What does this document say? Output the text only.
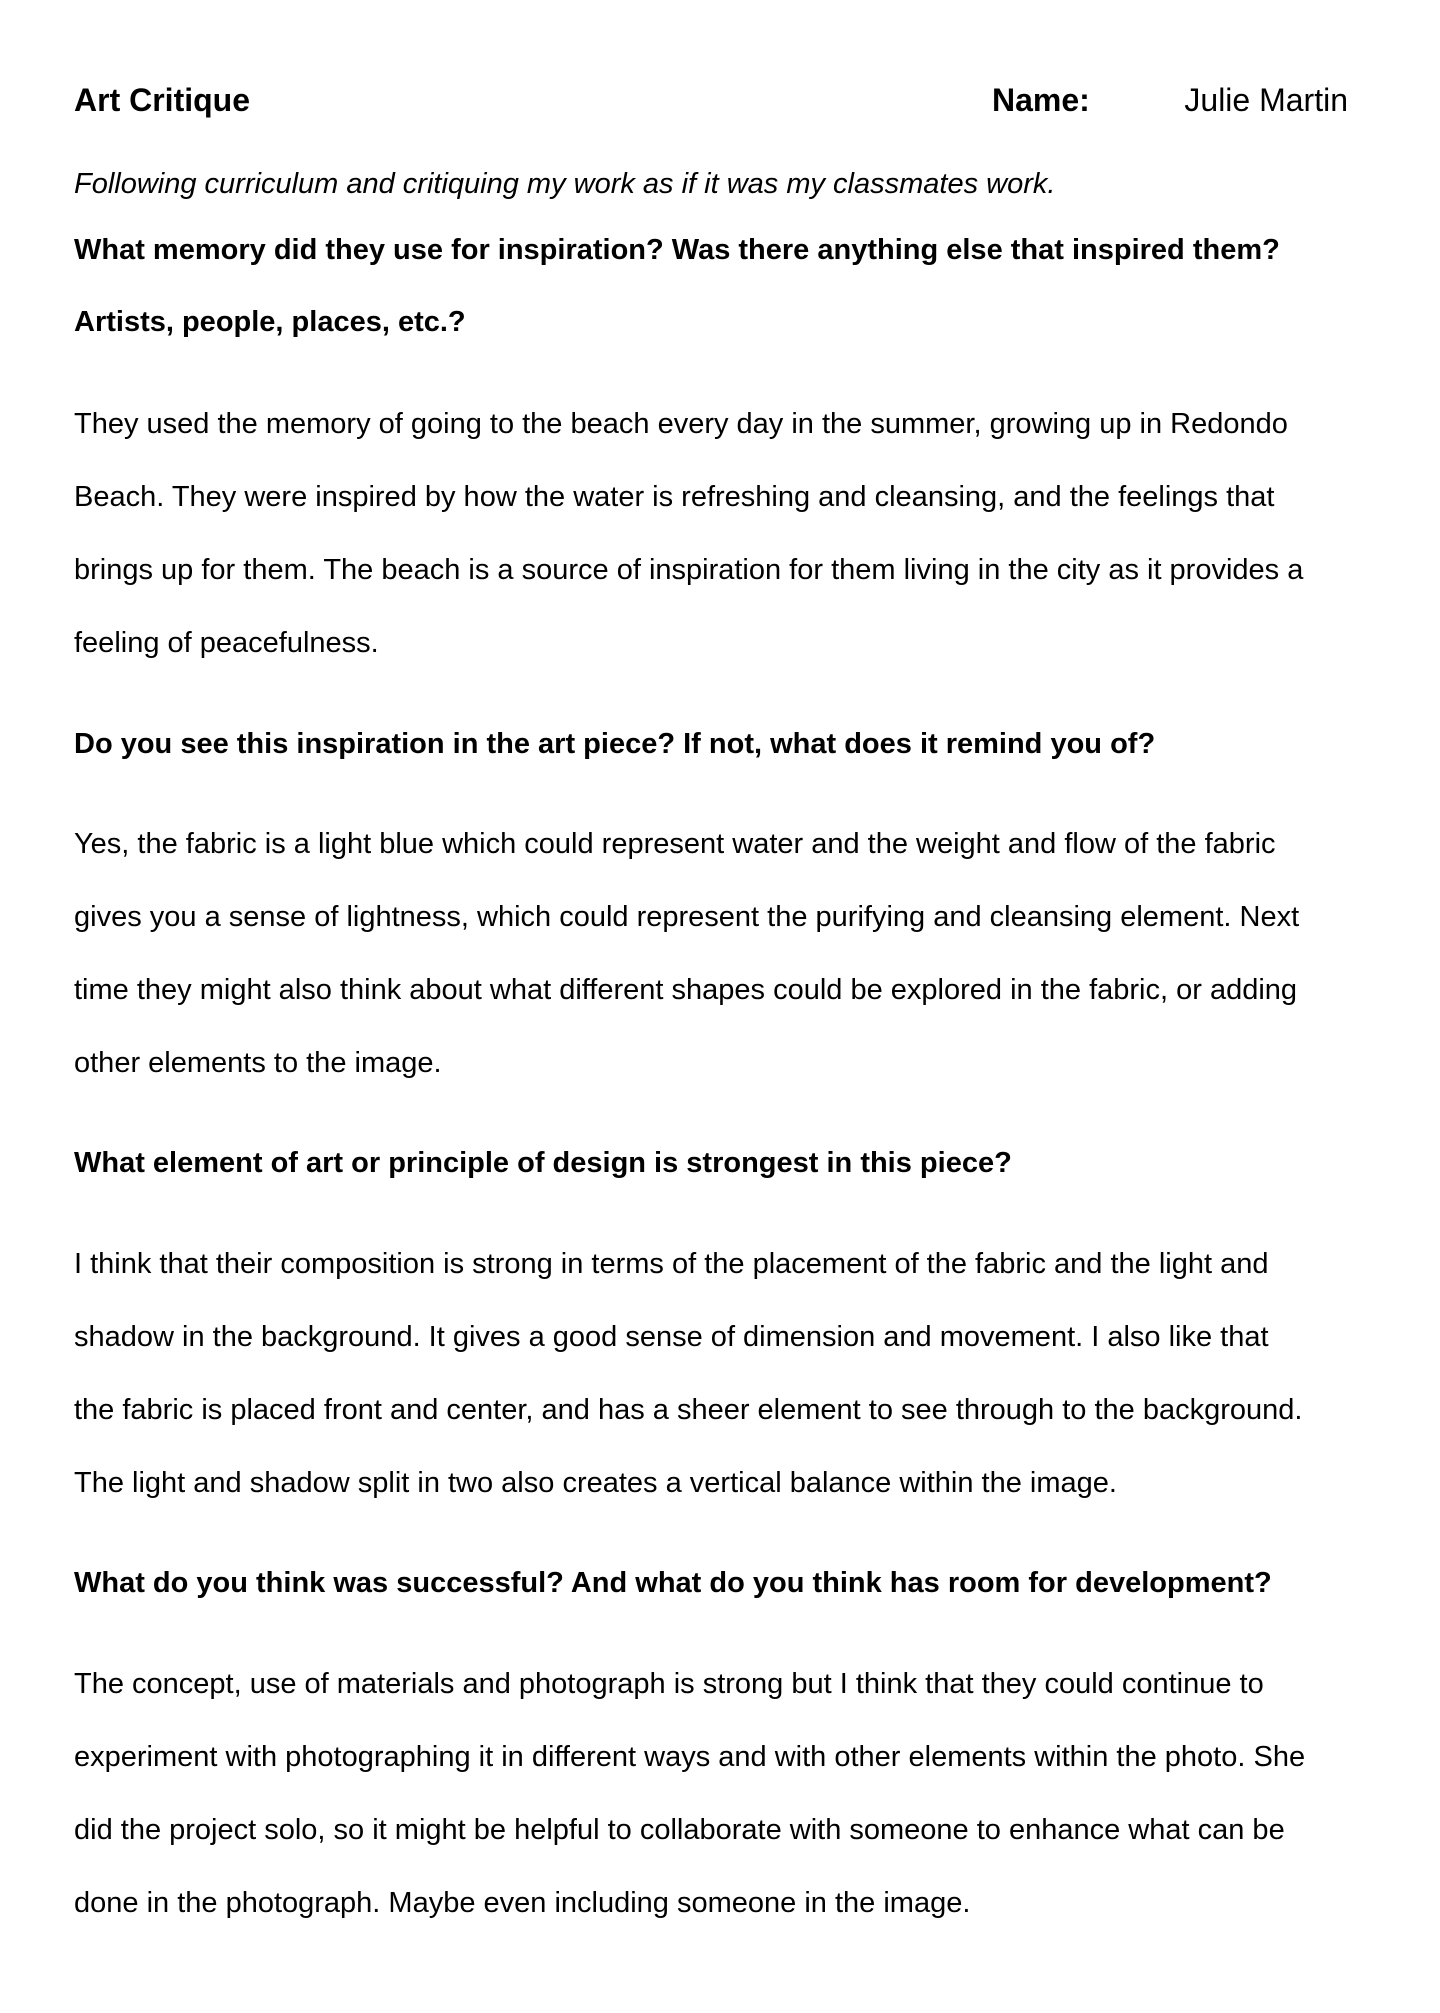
Art Critique	Name:	Julie Martin
Following curriculum and critiquing my work as if it was my classmates work.
What memory did they use for inspiration? Was there anything else that inspired them?
Artists, people, places, etc.?
They used the memory of going to the beach every day in the summer, growing up in Redondo
Beach. They were inspired by how the water is refreshing and cleansing, and the feelings that
brings up for them. The beach is a source of inspiration for them living in the city as it provides a
feeling of peacefulness.
Do you see this inspiration in the art piece? If not, what does it remind you of?
Yes, the fabric is a light blue which could represent water and the weight and flow of the fabric
gives you a sense of lightness, which could represent the purifying and cleansing element. Next
time they might also think about what different shapes could be explored in the fabric, or adding
other elements to the image.
What element of art or principle of design is strongest in this piece?
I think that their composition is strong in terms of the placement of the fabric and the light and
shadow in the background. It gives a good sense of dimension and movement. I also like that
the fabric is placed front and center, and has a sheer element to see through to the background.
The light and shadow split in two also creates a vertical balance within the image.
What do you think was successful? And what do you think has room for development?
The concept, use of materials and photograph is strong but I think that they could continue to
experiment with photographing it in different ways and with other elements within the photo. She
did the project solo, so it might be helpful to collaborate with someone to enhance what can be
done in the photograph. Maybe even including someone in the image.
